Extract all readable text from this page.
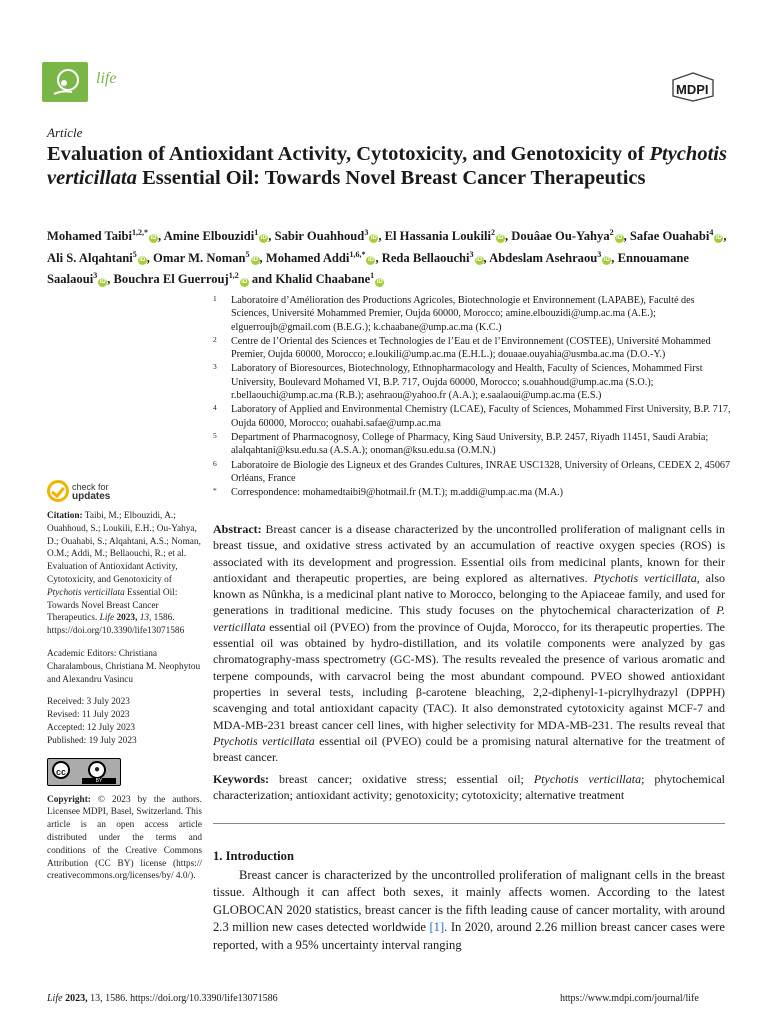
life
MDPI
Article
Evaluation of Antioxidant Activity, Cytotoxicity, and Genotoxicity of Ptychotis verticillata Essential Oil: Towards Novel Breast Cancer Therapeutics
Mohamed Taibi$^{1,2,*}$iD , Amine Elbouzidi$^1$iD , Sabir Ouahhoud$^3$iD , El Hassania Loukili$^2$iD , Douâae Ou-Yahya$^2$iD , Safae Ouahabi$^4$iD , Ali S. Alqahtani$^5$iD , Omar M. Noman$^5$iD , Mohamed Addi$^{1,6,*}$iD , Reda Bellaouchi$^3$iD , Abdeslam Asehraou$^3$iD , Ennouamane Saalaoui$^3$iD , Bouchra El Guerrouj$^{1,2}$iD and Khalid Chaabane$^1$iD
1 Laboratoire d’Amélioration des Productions Agricoles, Biotechnologie et Environnement (LAPABE), Faculté des Sciences, Université Mohammed Premier, Oujda 60000, Morocco; amine.elbouzidi@ump.ac.ma (A.E.); elguerroujb@gmail.com (B.E.G.); k.chaabane@ump.ac.ma (K.C.)
2 Centre de l’Oriental des Sciences et Technologies de l’Eau et de l’Environnement (COSTEE), Université Mohammed Premier, Oujda 60000, Morocco; e.loukili@ump.ac.ma (E.H.L.); douaae.ouyahia@usmba.ac.ma (D.O.-Y.)
3 Laboratory of Bioresources, Biotechnology, Ethnopharmacology and Health, Faculty of Sciences, Mohammed First University, Boulevard Mohamed VI, B.P. 717, Oujda 60000, Morocco; s.ouahhoud@ump.ac.ma (S.O.); r.bellaouchi@ump.ac.ma (R.B.); asehraou@yahoo.fr (A.A.); e.saalaoui@ump.ac.ma (E.S.)
4 Laboratory of Applied and Environmental Chemistry (LCAE), Faculty of Sciences, Mohammed First University, B.P. 717, Oujda 60000, Morocco; ouahabi.safae@ump.ac.ma
5 Department of Pharmacognosy, College of Pharmacy, King Saud University, B.P. 2457, Riyadh 11451, Saudi Arabia; alalqahtani@ksu.edu.sa (A.S.A.); onoman@ksu.edu.sa (O.M.N.)
6 Laboratoire de Biologie des Ligneux et des Grandes Cultures, INRAE USC1328, University of Orleans, CEDEX 2, 45067 Orléans, France
* Correspondence: mohamedtaibi9@hotmail.fr (M.T.); m.addi@ump.ac.ma (M.A.)
check for
updates
Citation: Taibi, M.; Elbouzidi, A.; Ouahhoud, S.; Loukili, E.H.; Ou-Yahya, D.; Ouahabi, S.; Alqahtani, A.S.; Noman, O.M.; Addi, M.; Bellaouchi, R.; et al. Evaluation of Antioxidant Activity, Cytotoxicity, and Genotoxicity of Ptychotis verticillata Essential Oil: Towards Novel Breast Cancer Therapeutics. Life 2023, 13, 1586. https://doi.org/10.3390/life13071586
Academic Editors: Christiana Charalambous, Christiana M. Neophytou and Alexandru Vasincu
Received: 3 July 2023
Revised: 11 July 2023
Accepted: 12 July 2023
Published: 19 July 2023
cc	●
BY
Copyright: © 2023 by the authors. Licensee MDPI, Basel, Switzerland. This article is an open access article distributed under the terms and conditions of the Creative Commons Attribution (CC BY) license (https:// creativecommons.org/licenses/by/ 4.0/).
Abstract: Breast cancer is a disease characterized by the uncontrolled proliferation of malignant cells in breast tissue, and oxidative stress activated by an accumulation of reactive oxygen species (ROS) is associated with its development and progression. Essential oils from medicinal plants, known for their antioxidant and therapeutic properties, are being explored as alternatives. Ptychotis verticillata, also known as Nûnkha, is a medicinal plant native to Morocco, belonging to the Apiaceae family, and used for generations in traditional medicine. This study focuses on the phytochemical characterization of P. verticillata essential oil (PVEO) from the province of Oujda, Morocco, for its therapeutic properties. The essential oil was obtained by hydro-distillation, and its volatile components were analyzed by gas chromatography-mass spectrometry (GC-MS). The results revealed the presence of various aromatic and terpene compounds, with carvacrol being the most abundant compound. PVEO showed antioxidant properties in several tests, including β-carotene bleaching, 2,2-diphenyl-1-picrylhydrazyl (DPPH) scavenging and total antioxidant capacity (TAC). It also demonstrated cytotoxicity against MCF-7 and MDA-MB-231 breast cancer cell lines, with higher selectivity for MDA-MB-231. The results reveal that Ptychotis verticillata essential oil (PVEO) could be a promising natural alternative for the treatment of breast cancer.
Keywords: breast cancer; oxidative stress; essential oil; Ptychotis verticillata; phytochemical characterization; antioxidant activity; genotoxicity; cytotoxicity; alternative treatment
1. Introduction
Breast cancer is characterized by the uncontrolled proliferation of malignant cells in the breast tissue. Although it can affect both sexes, it mainly affects women. According to the latest GLOBOCAN 2020 statistics, breast cancer is the fifth leading cause of cancer mortality, with around 2.3 million new cases detected worldwide [1]. In 2020, around 2.26 million breast cancer cases were reported, with a 95% uncertainty interval ranging
Life 2023, 13, 1586. https://doi.org/10.3390/life13071586	https://www.mdpi.com/journal/life
